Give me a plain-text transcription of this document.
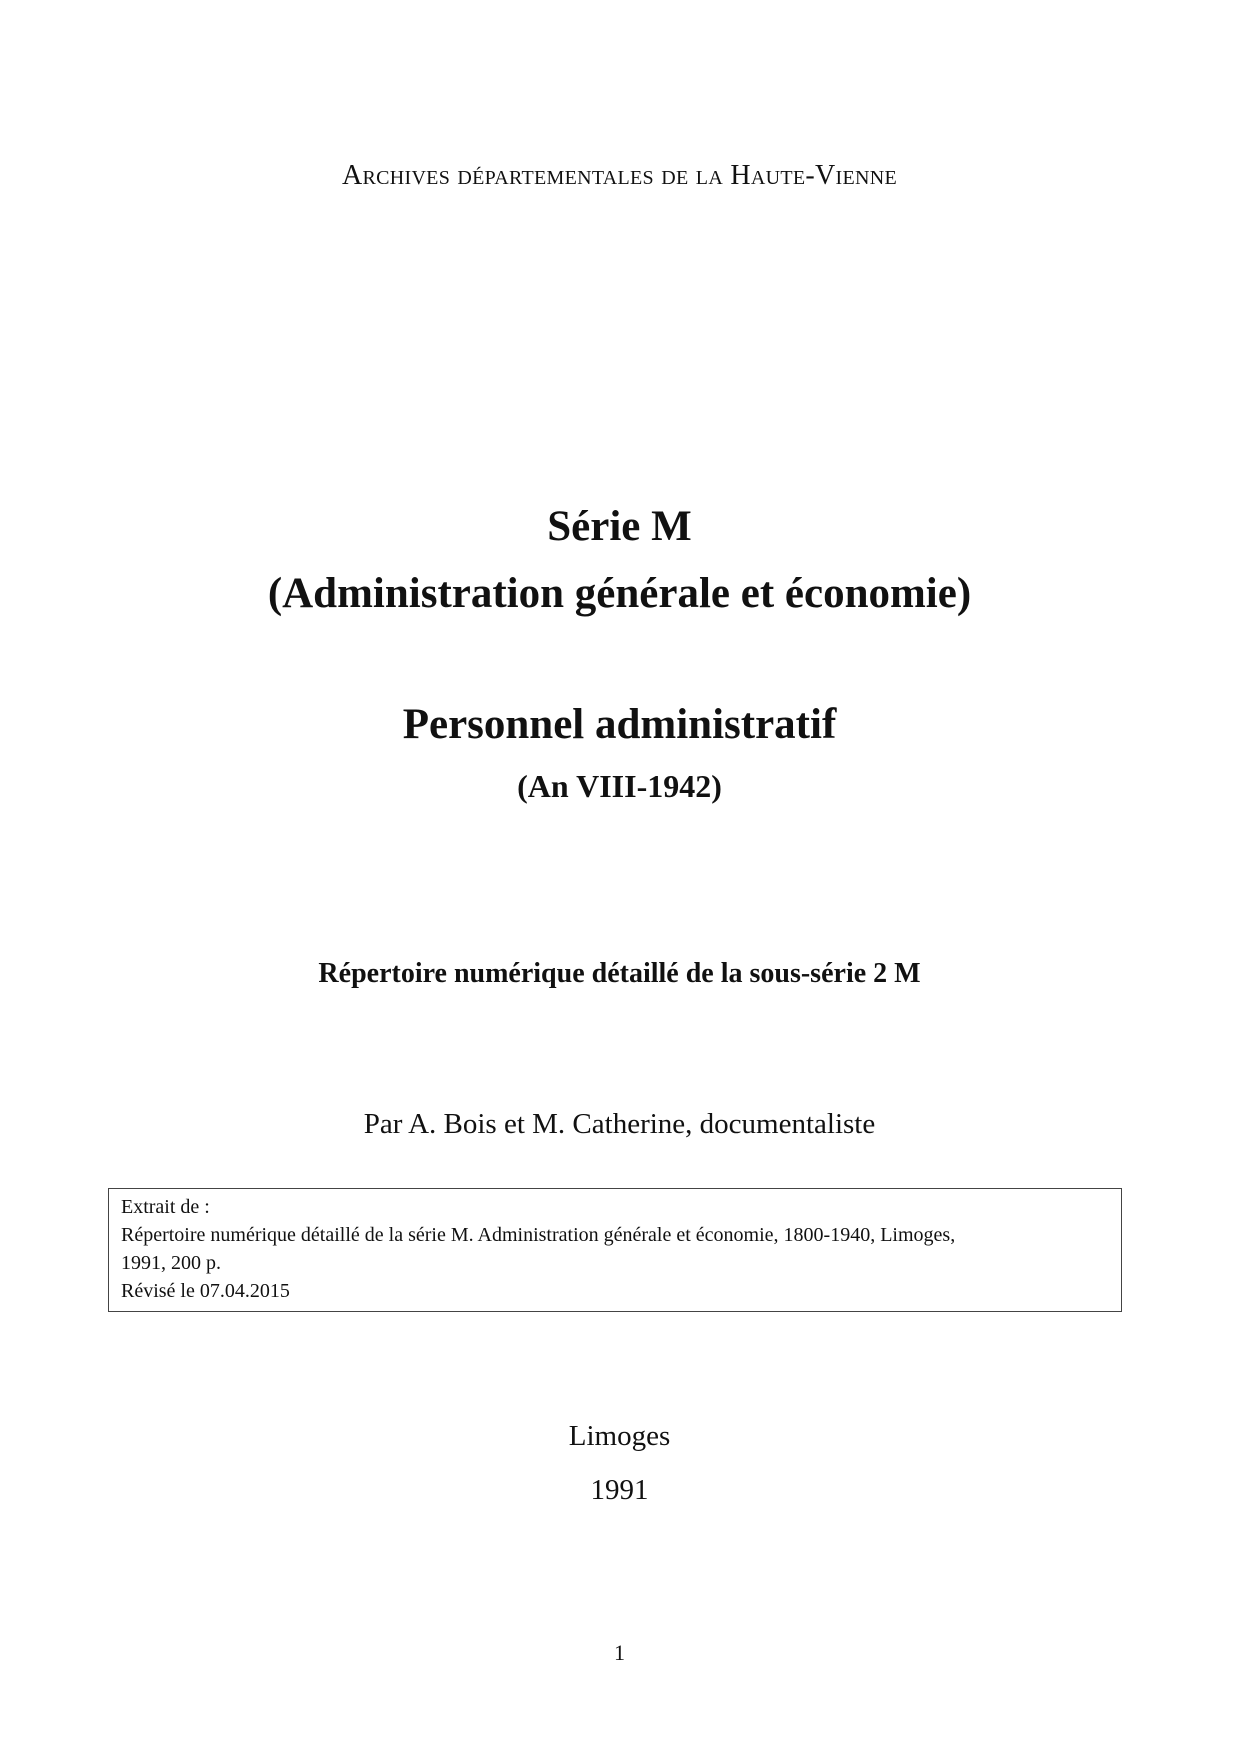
Archives départementales de la Haute-Vienne
Série M
(Administration générale et économie)
Personnel administratif
(An VIII-1942)
Répertoire numérique détaillé de la sous-série 2 M
Par A. Bois et M. Catherine, documentaliste
Extrait de :
Répertoire numérique détaillé de la série M. Administration générale et économie, 1800-1940, Limoges,
1991, 200 p.
Révisé le 07.04.2015
Limoges
1991
1
